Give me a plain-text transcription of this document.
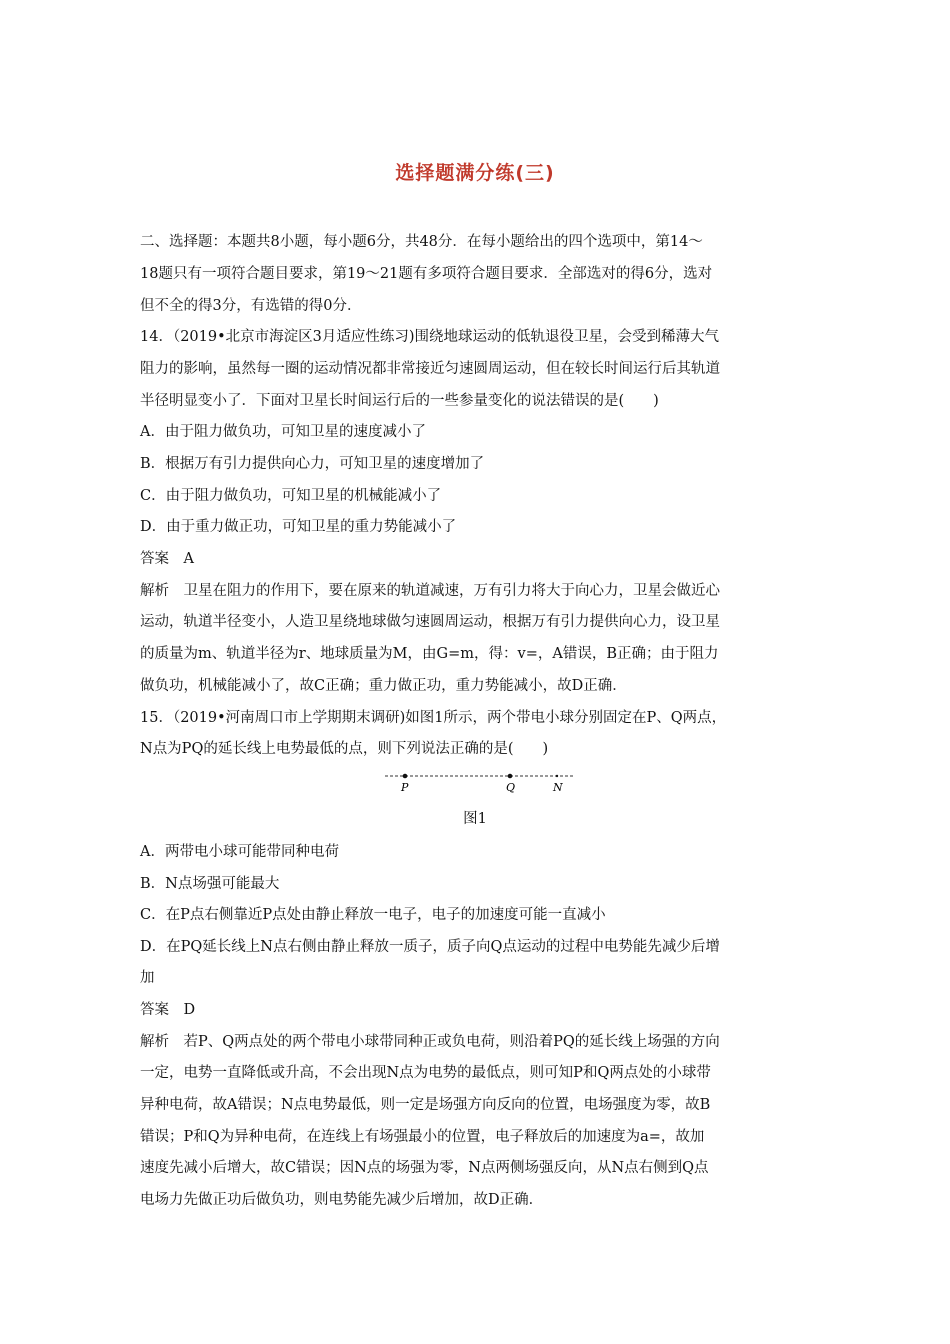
选择题满分练(三)
二、选择题：本题共8小题，每小题6分，共48分．在每小题给出的四个选项中，第14～
18题只有一项符合题目要求，第19～21题有多项符合题目要求．全部选对的得6分，选对
但不全的得3分，有选错的得0分．
14．（2019•北京市海淀区3月适应性练习)围绕地球运动的低轨退役卫星，会受到稀薄大气
阻力的影响，虽然每一圈的运动情况都非常接近匀速圆周运动，但在较长时间运行后其轨道
半径明显变小了．下面对卫星长时间运行后的一些参量变化的说法错误的是(　　)
A．由于阻力做负功，可知卫星的速度减小了
B．根据万有引力提供向心力，可知卫星的速度增加了
C．由于阻力做负功，可知卫星的机械能减小了
D．由于重力做正功，可知卫星的重力势能减小了
答案　A
解析　卫星在阻力的作用下，要在原来的轨道减速，万有引力将大于向心力，卫星会做近心
运动，轨道半径变小，人造卫星绕地球做匀速圆周运动，根据万有引力提供向心力，设卫星
的质量为m、轨道半径为r、地球质量为M，由G=m，得：v=，A错误，B正确；由于阻力
做负功，机械能减小了，故C正确；重力做正功，重力势能减小，故D正确．
15．（2019•河南周口市上学期期末调研)如图1所示，两个带电小球分别固定在P、Q两点，
N点为PQ的延长线上电势最低的点，则下列说法正确的是(　　)
P	Q	N
图1
A．两带电小球可能带同种电荷
B．N点场强可能最大
C．在P点右侧靠近P点处由静止释放一电子，电子的加速度可能一直减小
D．在PQ延长线上N点右侧由静止释放一质子，质子向Q点运动的过程中电势能先减少后增
加
答案　D
解析　若P、Q两点处的两个带电小球带同种正或负电荷，则沿着PQ的延长线上场强的方向
一定，电势一直降低或升高，不会出现N点为电势的最低点，则可知P和Q两点处的小球带
异种电荷，故A错误；N点电势最低，则一定是场强方向反向的位置，电场强度为零，故B
错误；P和Q为异种电荷，在连线上有场强最小的位置，电子释放后的加速度为a=，故加
速度先减小后增大，故C错误；因N点的场强为零，N点两侧场强反向，从N点右侧到Q点
电场力先做正功后做负功，则电势能先减少后增加，故D正确．
